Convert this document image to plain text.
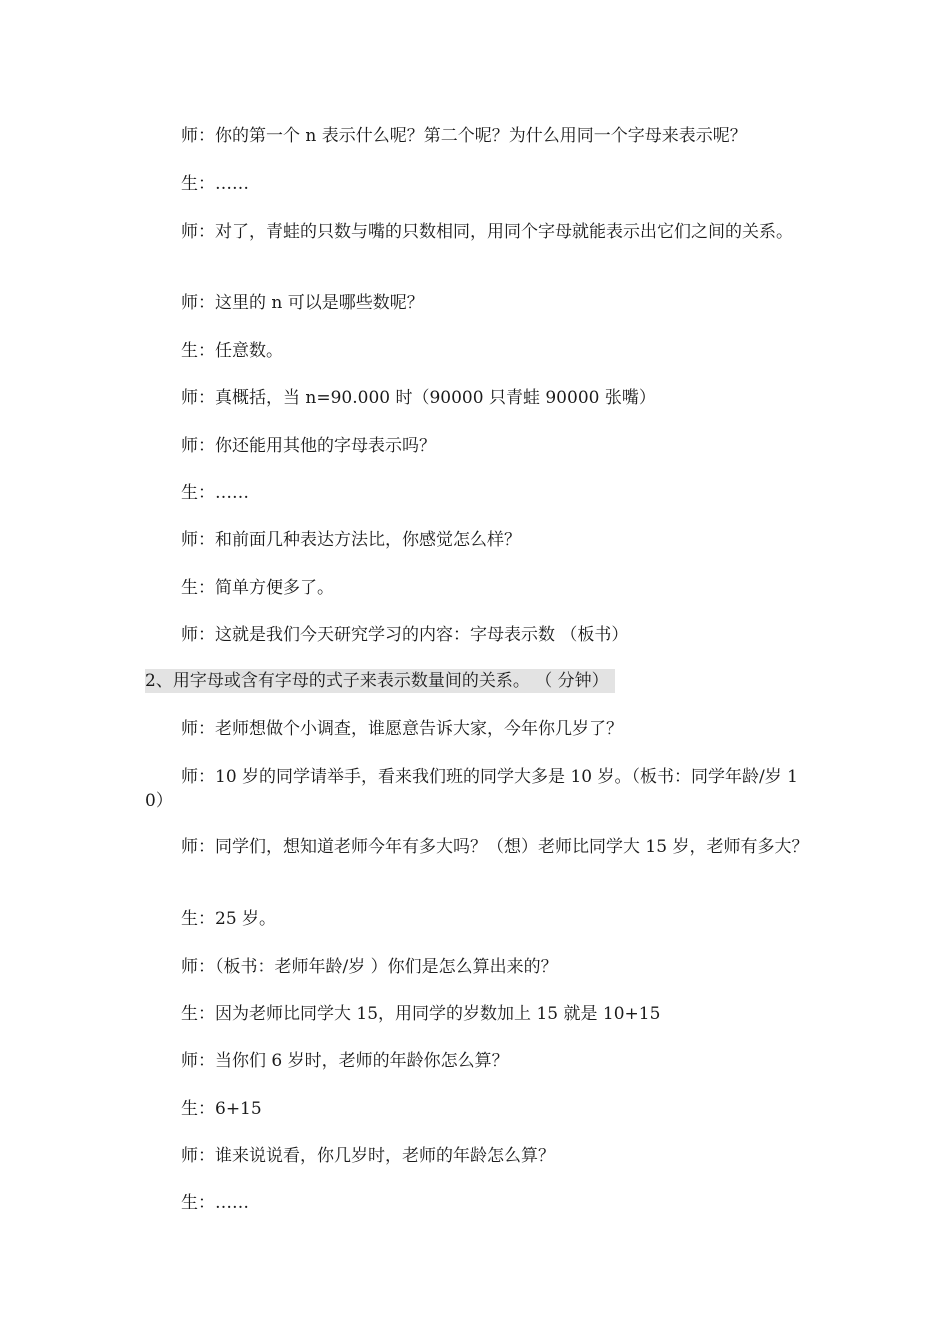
师：你的第一个 n 表示什么呢？第二个呢？为什么用同一个字母来表示呢？

生：……

师：对了，青蛙的只数与嘴的只数相同，用同个字母就能表示出它们之间的关系。

师：这里的 n 可以是哪些数呢？

生：任意数。

师：真概括，当 n=90.000 时（90000 只青蛙 90000 张嘴）

师：你还能用其他的字母表示吗？

生：……

师：和前面几种表达方法比，你感觉怎么样？

生：简单方便多了。

师：这就是我们今天研究学习的内容：字母表示数 （板书）

2、用字母或含有字母的式子来表示数量间的关系。 （ 分钟）

师：老师想做个小调查，谁愿意告诉大家，今年你几岁了？

师：10 岁的同学请举手，看来我们班的同学大多是 10 岁。（板书：同学年龄/岁 10）

师：同学们，想知道老师今年有多大吗？（想）老师比同学大 15 岁，老师有多大？

生：25 岁。

师：（板书：老师年龄/岁 ）你们是怎么算出来的？

生：因为老师比同学大 15，用同学的岁数加上 15 就是 10+15

师：当你们 6 岁时，老师的年龄你怎么算？

生：6+15

师：谁来说说看，你几岁时，老师的年龄怎么算？

生：……
